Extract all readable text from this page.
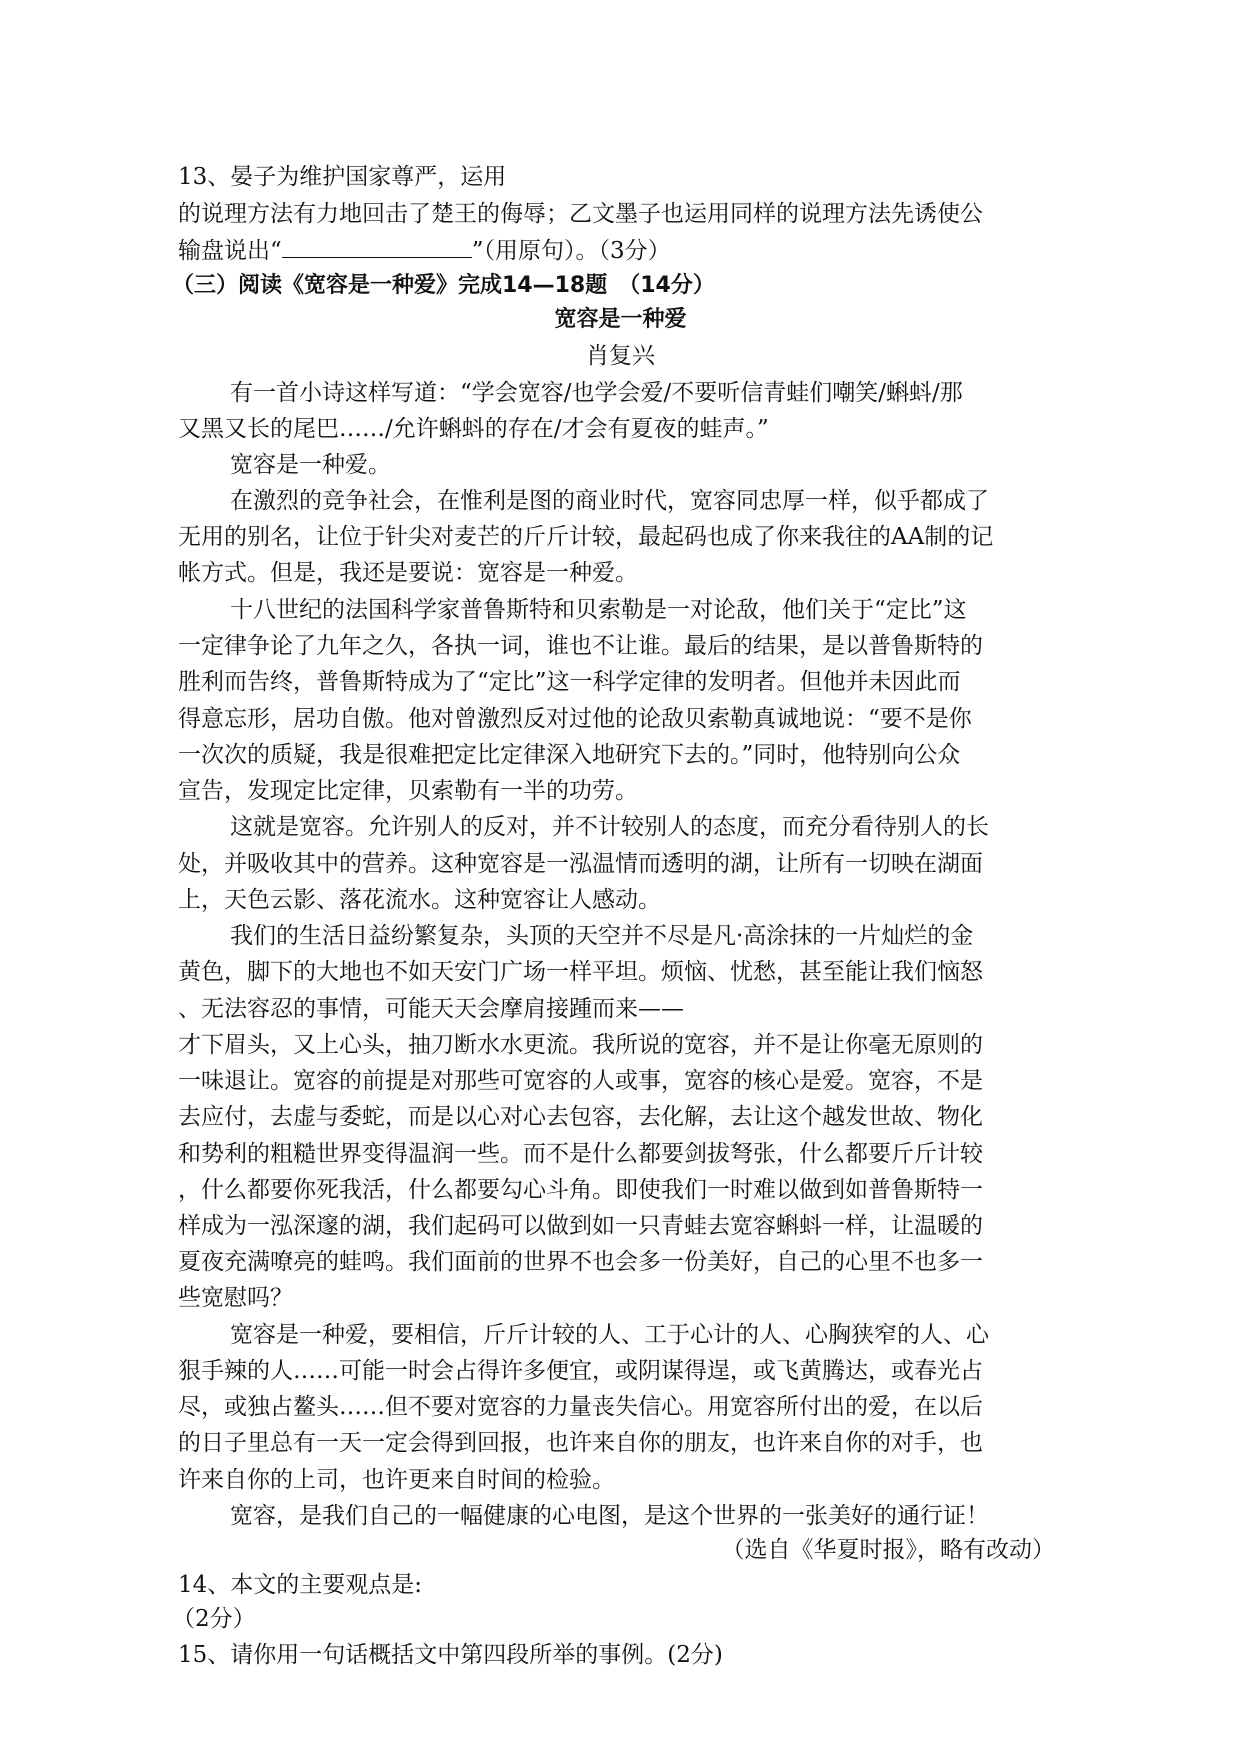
13、晏子为维护国家尊严，运用
的说理方法有力地回击了楚王的侮辱；乙文墨子也运用同样的说理方法先诱使公
输盘说出“	”（用原句）。（3分）
（三）阅读《宽容是一种爱》完成14—18题　（14分）
宽容是一种爱
肖复兴
有一首小诗这样写道：“学会宽容/也学会爱/不要听信青蛙们嘲笑/蝌蚪/那
又黑又长的尾巴……/允许蝌蚪的存在/才会有夏夜的蛙声。”
宽容是一种爱。
在激烈的竞争社会，在惟利是图的商业时代，宽容同忠厚一样，似乎都成了
无用的别名，让位于针尖对麦芒的斤斤计较，最起码也成了你来我往的AA制的记
帐方式。但是，我还是要说：宽容是一种爱。
十八世纪的法国科学家普鲁斯特和贝索勒是一对论敌，他们关于“定比”这
一定律争论了九年之久，各执一词，谁也不让谁。最后的结果，是以普鲁斯特的
胜利而告终，普鲁斯特成为了“定比”这一科学定律的发明者。但他并未因此而
得意忘形，居功自傲。他对曾激烈反对过他的论敌贝索勒真诚地说：“要不是你
一次次的质疑，我是很难把定比定律深入地研究下去的。”同时，他特别向公众
宣告，发现定比定律，贝索勒有一半的功劳。
这就是宽容。允许别人的反对，并不计较别人的态度，而充分看待别人的长
处，并吸收其中的营养。这种宽容是一泓温情而透明的湖，让所有一切映在湖面
上，天色云影、落花流水。这种宽容让人感动。
我们的生活日益纷繁复杂，头顶的天空并不尽是凡·高涂抹的一片灿烂的金
黄色，脚下的大地也不如天安门广场一样平坦。烦恼、忧愁，甚至能让我们恼怒
、无法容忍的事情，可能天天会摩肩接踵而来——
才下眉头，又上心头，抽刀断水水更流。我所说的宽容，并不是让你毫无原则的
一味退让。宽容的前提是对那些可宽容的人或事，宽容的核心是爱。宽容，不是
去应付，去虚与委蛇，而是以心对心去包容，去化解，去让这个越发世故、物化
和势利的粗糙世界变得温润一些。而不是什么都要剑拔弩张，什么都要斤斤计较
，什么都要你死我活，什么都要勾心斗角。即使我们一时难以做到如普鲁斯特一
样成为一泓深邃的湖，我们起码可以做到如一只青蛙去宽容蝌蚪一样，让温暖的
夏夜充满嘹亮的蛙鸣。我们面前的世界不也会多一份美好，自己的心里不也多一
些宽慰吗？
宽容是一种爱，要相信，斤斤计较的人、工于心计的人、心胸狭窄的人、心
狠手辣的人……可能一时会占得许多便宜，或阴谋得逞，或飞黄腾达，或春光占
尽，或独占鳌头……但不要对宽容的力量丧失信心。用宽容所付出的爱，在以后
的日子里总有一天一定会得到回报，也许来自你的朋友，也许来自你的对手，也
许来自你的上司，也许更来自时间的检验。
宽容，是我们自己的一幅健康的心电图，是这个世界的一张美好的通行证！
（选自《华夏时报》，略有改动）
14、本文的主要观点是:
（2分）
15、请你用一句话概括文中第四段所举的事例。(2分)
